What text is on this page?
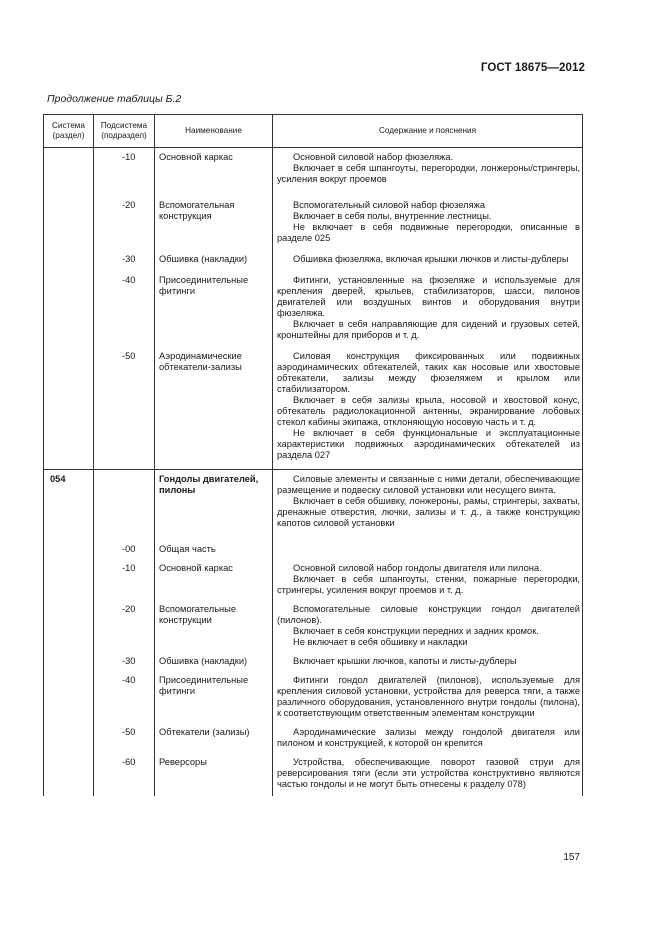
ГОСТ 18675—2012
Продолжение таблицы Б.2
Система (раздел)	Подсистема (подраздел)	Наименование	Содержание и пояснения
	-10	Основной каркас	Основной силовой набор фюзеляжа.
Включает в себя шпангоуты, перегородки, лонжероны/стрингеры, усиления вокруг проемов

	-20	Вспомогательная конструкция	Вспомогательный силовой набор фюзеляжа
Включает в себя полы, внутренние лестницы.
Не включает в себя подвижные перегородки, описанные в разделе 025

	-30	Обшивка (накладки)	Обшивка фюзеляжа, включая крышки лючков и листы-дублеры

	-40	Присоединительные фитинги	Фитинги, установленные на фюзеляже и используемые для крепления дверей, крыльев, стабилизаторов, шасси, пилонов двигателей или воздушных винтов и оборудования внутри фюзеляжа.
Включает в себя направляющие для сидений и грузовых сетей, кронштейны для приборов и т. д.

	-50	Аэродинамические обтекатели-зализы	Силовая конструкция фиксированных или подвижных аэродинамических обтекателей, таких как носовые или хвостовые обтекатели, зализы между фюзеляжем и крылом или стабилизатором.
Включает в себя зализы крыла, носовой и хвостовой конус, обтекатель радиолокационной антенны, экранирование лобовых стекол кабины экипажа, отклоняющую носовую часть и т. д.
Не включает в себя функциональные и эксплуатационные характеристики подвижных аэродинамических обтекателей из раздела 027

054		Гондолы двигателей, пилоны	Силовые элементы и связанные с ними детали, обеспечивающие размещение и подвеску силовой установки или несущего винта.
Включает в себя обшивку, лонжероны, рамы, стрингеры, захваты, дренажные отверстия, лючки, зализы и т. д., а также конструкцию капотов силовой установки

	-00	Общая часть	
	-10	Основной каркас	Основной силовой набор гондолы двигателя или пилона.
Включает в себя шпангоуты, стенки, пожарные перегородки, стрингеры, усиления вокруг проемов и т. д.

	-20	Вспомогательные конструкции	Вспомогательные силовые конструкции гондол двигателей (пилонов).
Включает в себя конструкции передних и задних кромок.
Не включает в себя обшивку и накладки

	-30	Обшивка (накладки)	Включает крышки лючков, капоты и листы-дублеры

	-40	Присоединительные фитинги	Фитинги гондол двигателей (пилонов), используемые для крепления силовой установки, устройства для реверса тяги, а также различного оборудования, установленного внутри гондолы (пилона), к соответствующим ответственным элементам конструкции

	-50	Обтекатели (зализы)	Аэродинамические зализы между гондолой двигателя или пилоном и конструкцией, к которой он крепится

	-60	Реверсоры	Устройства, обеспечивающие поворот газовой струи для реверсирования тяги (если эти устройства конструктивно являются частью гондолы и не могут быть отнесены к разделу 078)
157
